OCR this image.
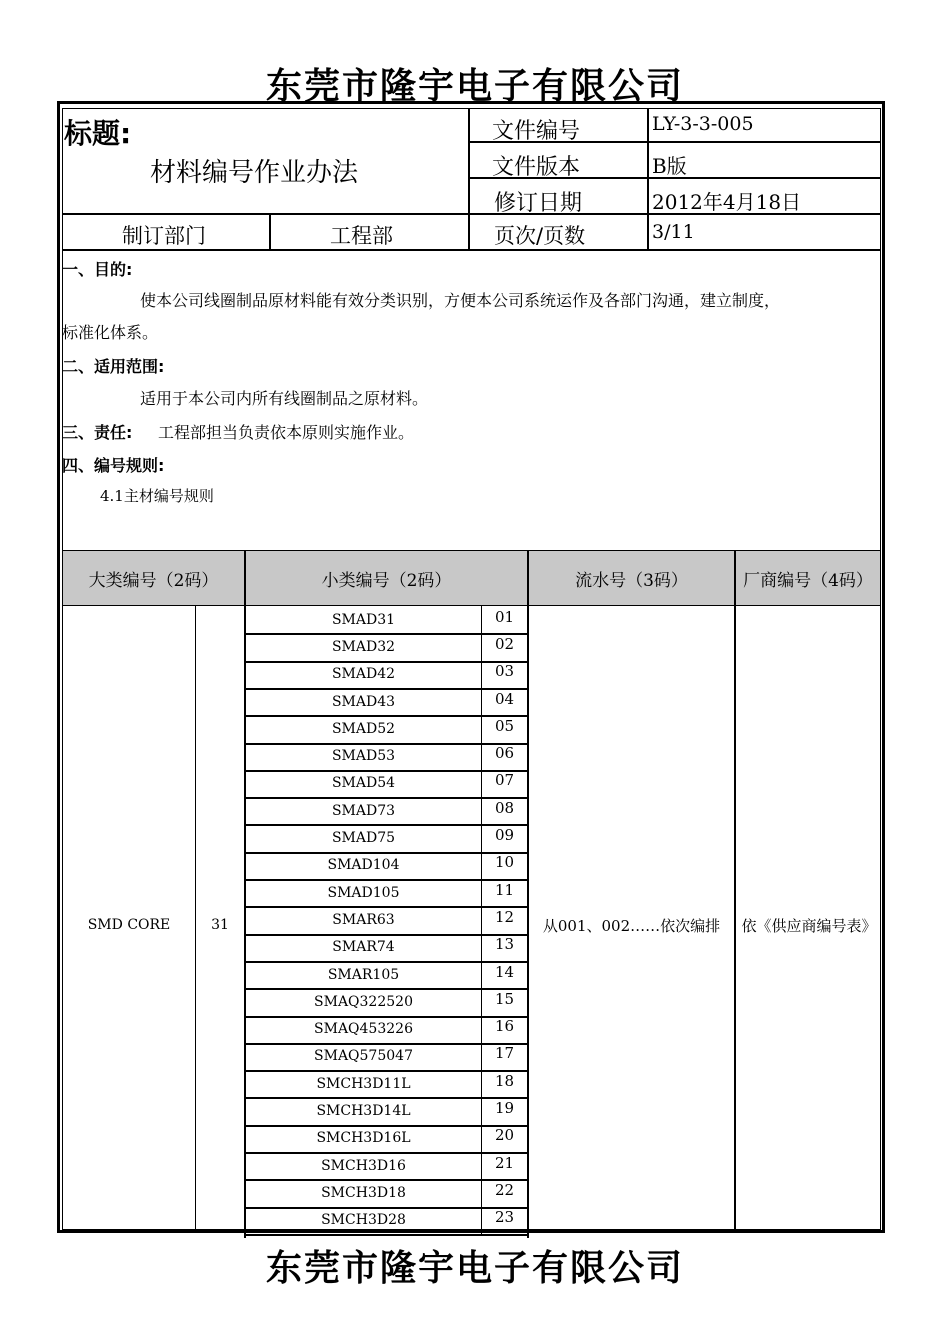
东莞市隆宇电子有限公司
标题:
材料编号作业办法
文件编号	LY-3-3-005
文件版本	B版
修订日期	2012年4月18日
制订部门	工程部	页次/页数	3/11
一、目的:
使本公司线圈制品原材料能有效分类识别，方便本公司系统运作及各部门沟通，建立制度，
标准化体系。
二、适用范围:
适用于本公司内所有线圈制品之原材料。
三、责任: 工程部担当负责依本原则实施作业。
四、编号规则:
4.1主材编号规则
大类编号（2码）	小类编号（2码）	流水号（3码）	厂商编号（4码）
SMD CORE	31	从001、002……依次编排	依《供应商编号表》
SMAD31	01
SMAD32	02
SMAD42	03
SMAD43	04
SMAD52	05
SMAD53	06
SMAD54	07
SMAD73	08
SMAD75	09
SMAD104	10
SMAD105	11
SMAR63	12
SMAR74	13
SMAR105	14
SMAQ322520	15
SMAQ453226	16
SMAQ575047	17
SMCH3D11L	18
SMCH3D14L	19
SMCH3D16L	20
SMCH3D16	21
SMCH3D18	22
SMCH3D28	23
东莞市隆宇电子有限公司
